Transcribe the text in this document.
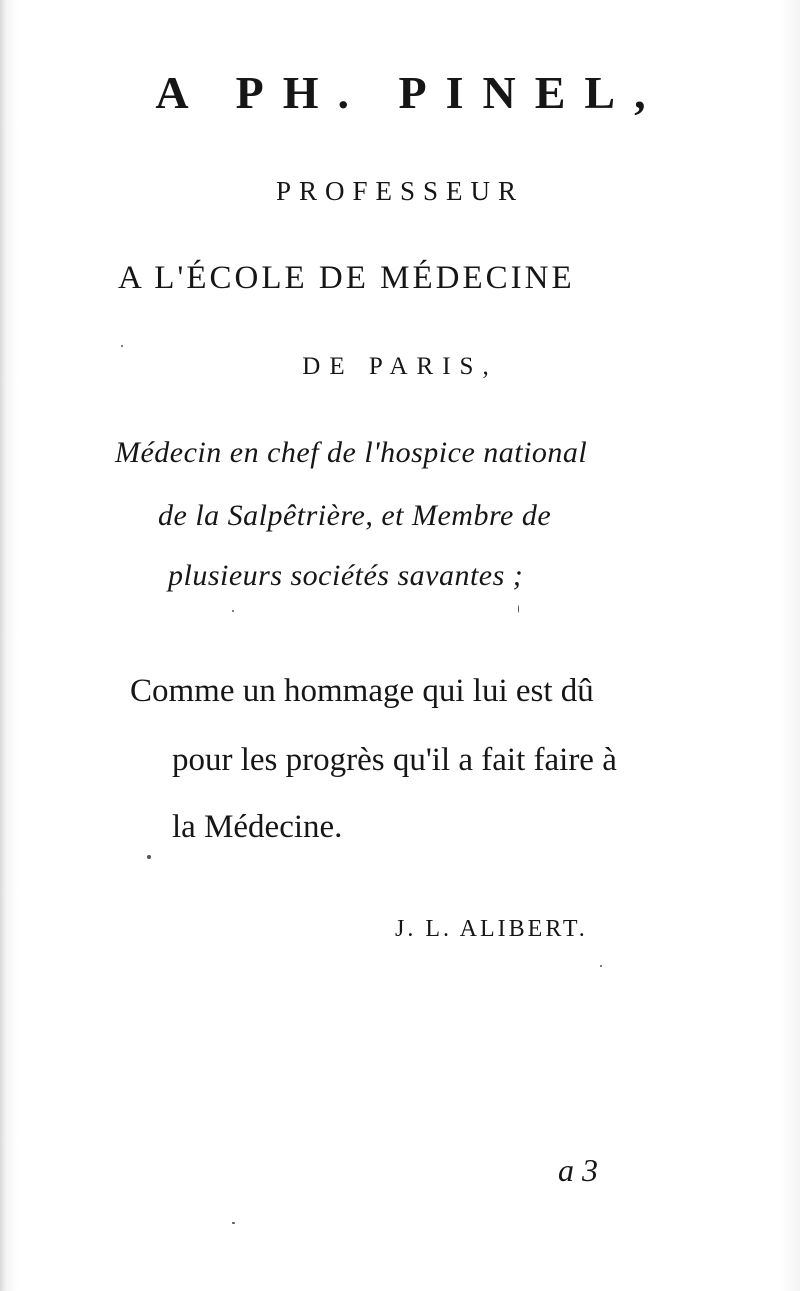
A PH. PINEL,
PROFESSEUR
A L'ÉCOLE DE MÉDECINE
DE PARIS,
Médecin en chef de l'hospice national
de la Salpêtrière, et Membre de
plusieurs sociétés savantes ;
Comme un hommage qui lui est dû
pour les progrès qu'il a fait faire à
la Médecine.
J. L. ALIBERT.
a 3
